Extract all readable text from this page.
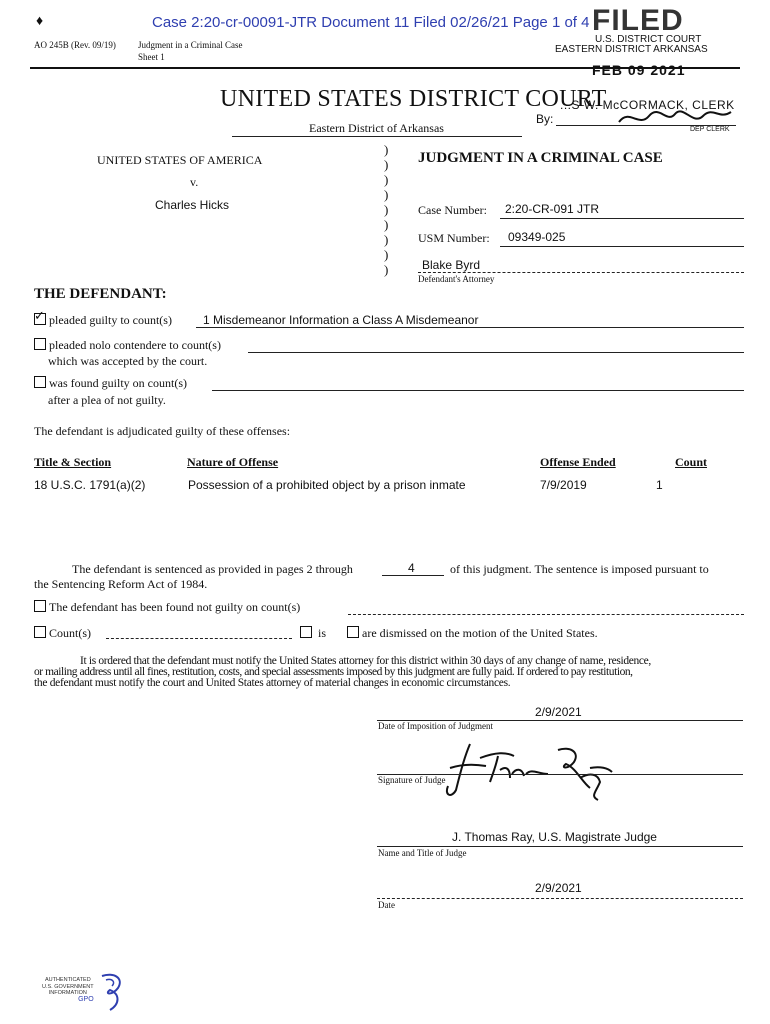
Case 2:20-cr-00091-JTR Document 11 Filed 02/26/21 Page 1 of 4
♦
AO 245B (Rev. 09/19) Judgment in a Criminal Case
Sheet 1
FILED
U.S. DISTRICT COURT
EASTERN DISTRICT ARKANSAS
FEB 09 2021
...S W. McCORMACK, CLERK
By:
DEP CLERK
UNITED STATES DISTRICT COURT
Eastern District of Arkansas
UNITED STATES OF AMERICA
v.
Charles Hicks
)
)
)
)
)
)
)
)
)
JUDGMENT IN A CRIMINAL CASE
Case Number: 2:20-CR-091 JTR
USM Number: 09349-025
Blake Byrd
Defendant's Attorney
THE DEFENDANT:
✓pleaded guilty to count(s)	1 Misdemeanor Information a Class A Misdemeanor
pleaded nolo contendere to count(s)
which was accepted by the court.
was found guilty on count(s)
after a plea of not guilty.
The defendant is adjudicated guilty of these offenses:
Title & Section	Nature of Offense	Offense Ended	Count
18 U.S.C. 1791(a)(2)	Possession of a prohibited object by a prison inmate	7/9/2019	1
The defendant is sentenced as provided in pages 2 through	4	of this judgment. The sentence is imposed pursuant to
the Sentencing Reform Act of 1984.
The defendant has been found not guilty on count(s)
Count(s)	is	are dismissed on the motion of the United States.
It is ordered that the defendant must notify the United States attorney for this district within 30 days of any change of name, residence,
or mailing address until all fines, restitution, costs, and special assessments imposed by this judgment are fully paid. If ordered to pay restitution,
the defendant must notify the court and United States attorney of material changes in economic circumstances.
2/9/2021
Date of Imposition of Judgment
Signature of Judge
J. Thomas Ray, U.S. Magistrate Judge
Name and Title of Judge
2/9/2021
Date
AUTHENTICATED
U.S. GOVERNMENT
INFORMATION
GPO
